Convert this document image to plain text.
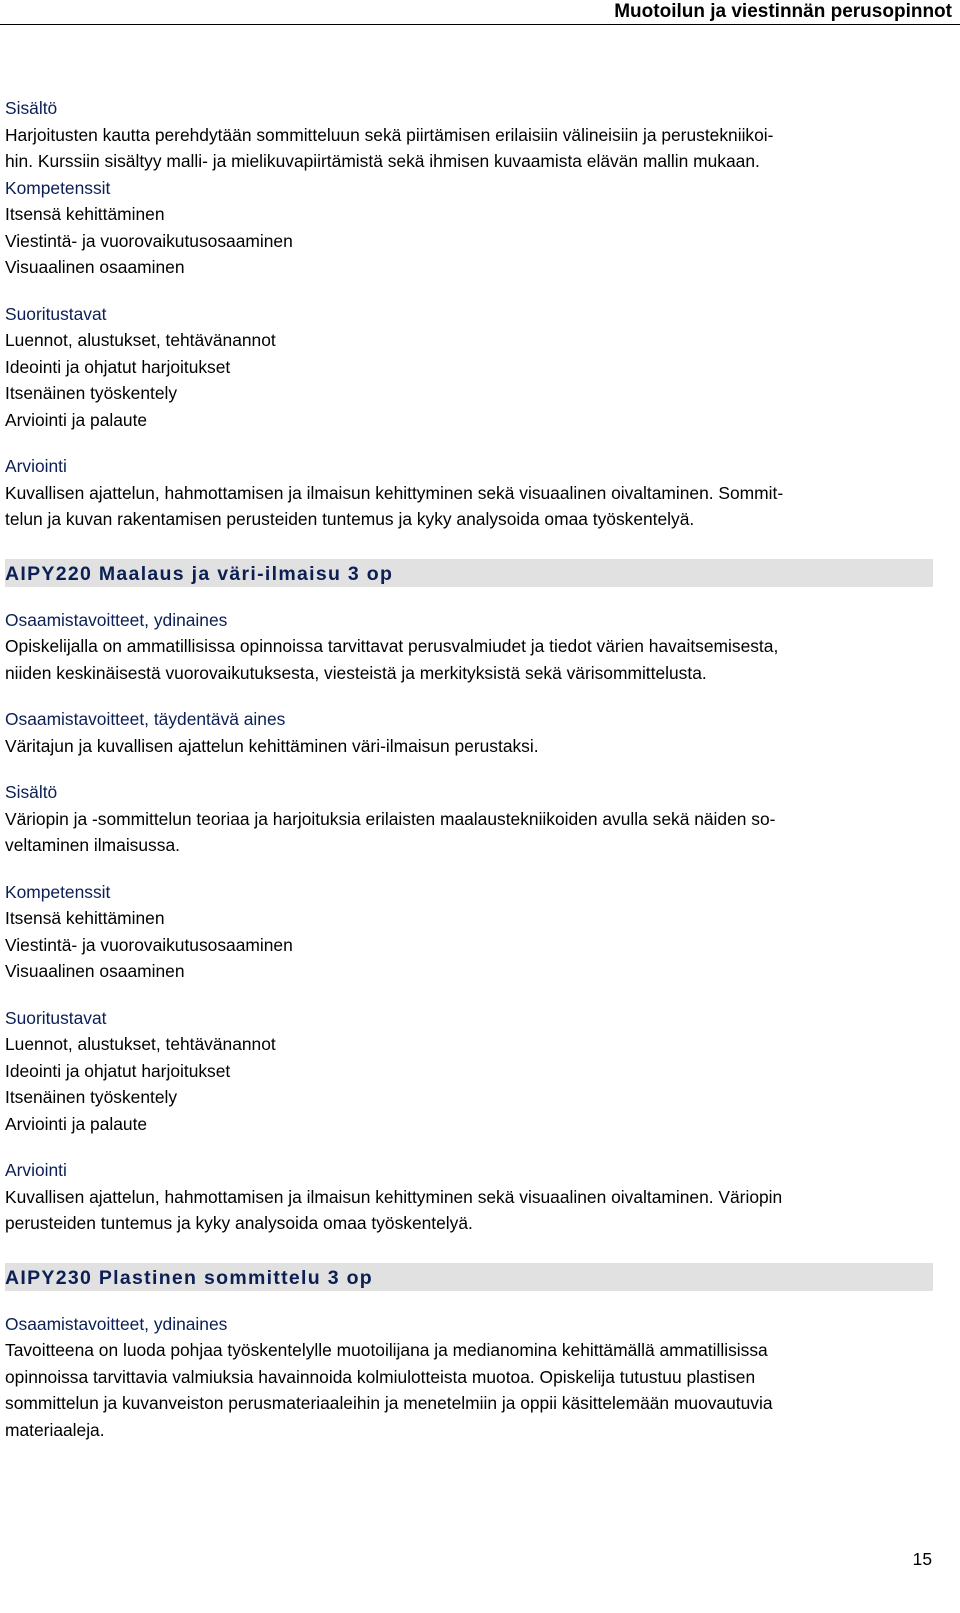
Muotoilun ja viestinnän perusopinnot
Sisältö

Harjoitusten kautta perehdytään sommitteluun sekä piirtämisen erilaisiin välineisiin ja perustekniikoi-

hin. Kurssiin sisältyy malli- ja mielikuvapiirtämistä sekä ihmisen kuvaamista elävän mallin mukaan.

Kompetenssit

Itsensä kehittäminen

Viestintä- ja vuorovaikutusosaaminen

Visuaalinen osaaminen

Suoritustavat

Luennot, alustukset, tehtävänannot

Ideointi ja ohjatut harjoitukset

Itsenäinen työskentely

Arviointi ja palaute

Arviointi

Kuvallisen ajattelun, hahmottamisen ja ilmaisun kehittyminen sekä visuaalinen oivaltaminen. Sommit-

telun ja kuvan rakentamisen perusteiden tuntemus ja kyky analysoida omaa työskentelyä.

AIPY220 Maalaus ja väri-ilmaisu 3 op
Osaamistavoitteet, ydinaines

Opiskelijalla on ammatillisissa opinnoissa tarvittavat perusvalmiudet ja tiedot värien havaitsemisesta,

niiden keskinäisestä vuorovaikutuksesta, viesteistä ja merkityksistä sekä värisommittelusta.

Osaamistavoitteet, täydentävä aines

Väritajun ja kuvallisen ajattelun kehittäminen väri-ilmaisun perustaksi.

Sisältö

Väriopin ja -sommittelun teoriaa ja harjoituksia erilaisten maalaustekniikoiden avulla sekä näiden so-

veltaminen ilmaisussa.

Kompetenssit

Itsensä kehittäminen

Viestintä- ja vuorovaikutusosaaminen

Visuaalinen osaaminen

Suoritustavat

Luennot, alustukset, tehtävänannot

Ideointi ja ohjatut harjoitukset

Itsenäinen työskentely

Arviointi ja palaute

Arviointi

Kuvallisen ajattelun, hahmottamisen ja ilmaisun kehittyminen sekä visuaalinen oivaltaminen. Väriopin

perusteiden tuntemus ja kyky analysoida omaa työskentelyä.

AIPY230 Plastinen sommittelu 3 op
Osaamistavoitteet, ydinaines

Tavoitteena on luoda pohjaa työskentelylle muotoilijana ja medianomina kehittämällä ammatillisissa

opinnoissa tarvittavia valmiuksia havainnoida kolmiulotteista muotoa. Opiskelija tutustuu plastisen

sommittelun ja kuvanveiston perusmateriaaleihin ja menetelmiin ja oppii käsittelemään muovautuvia

materiaaleja.

15
